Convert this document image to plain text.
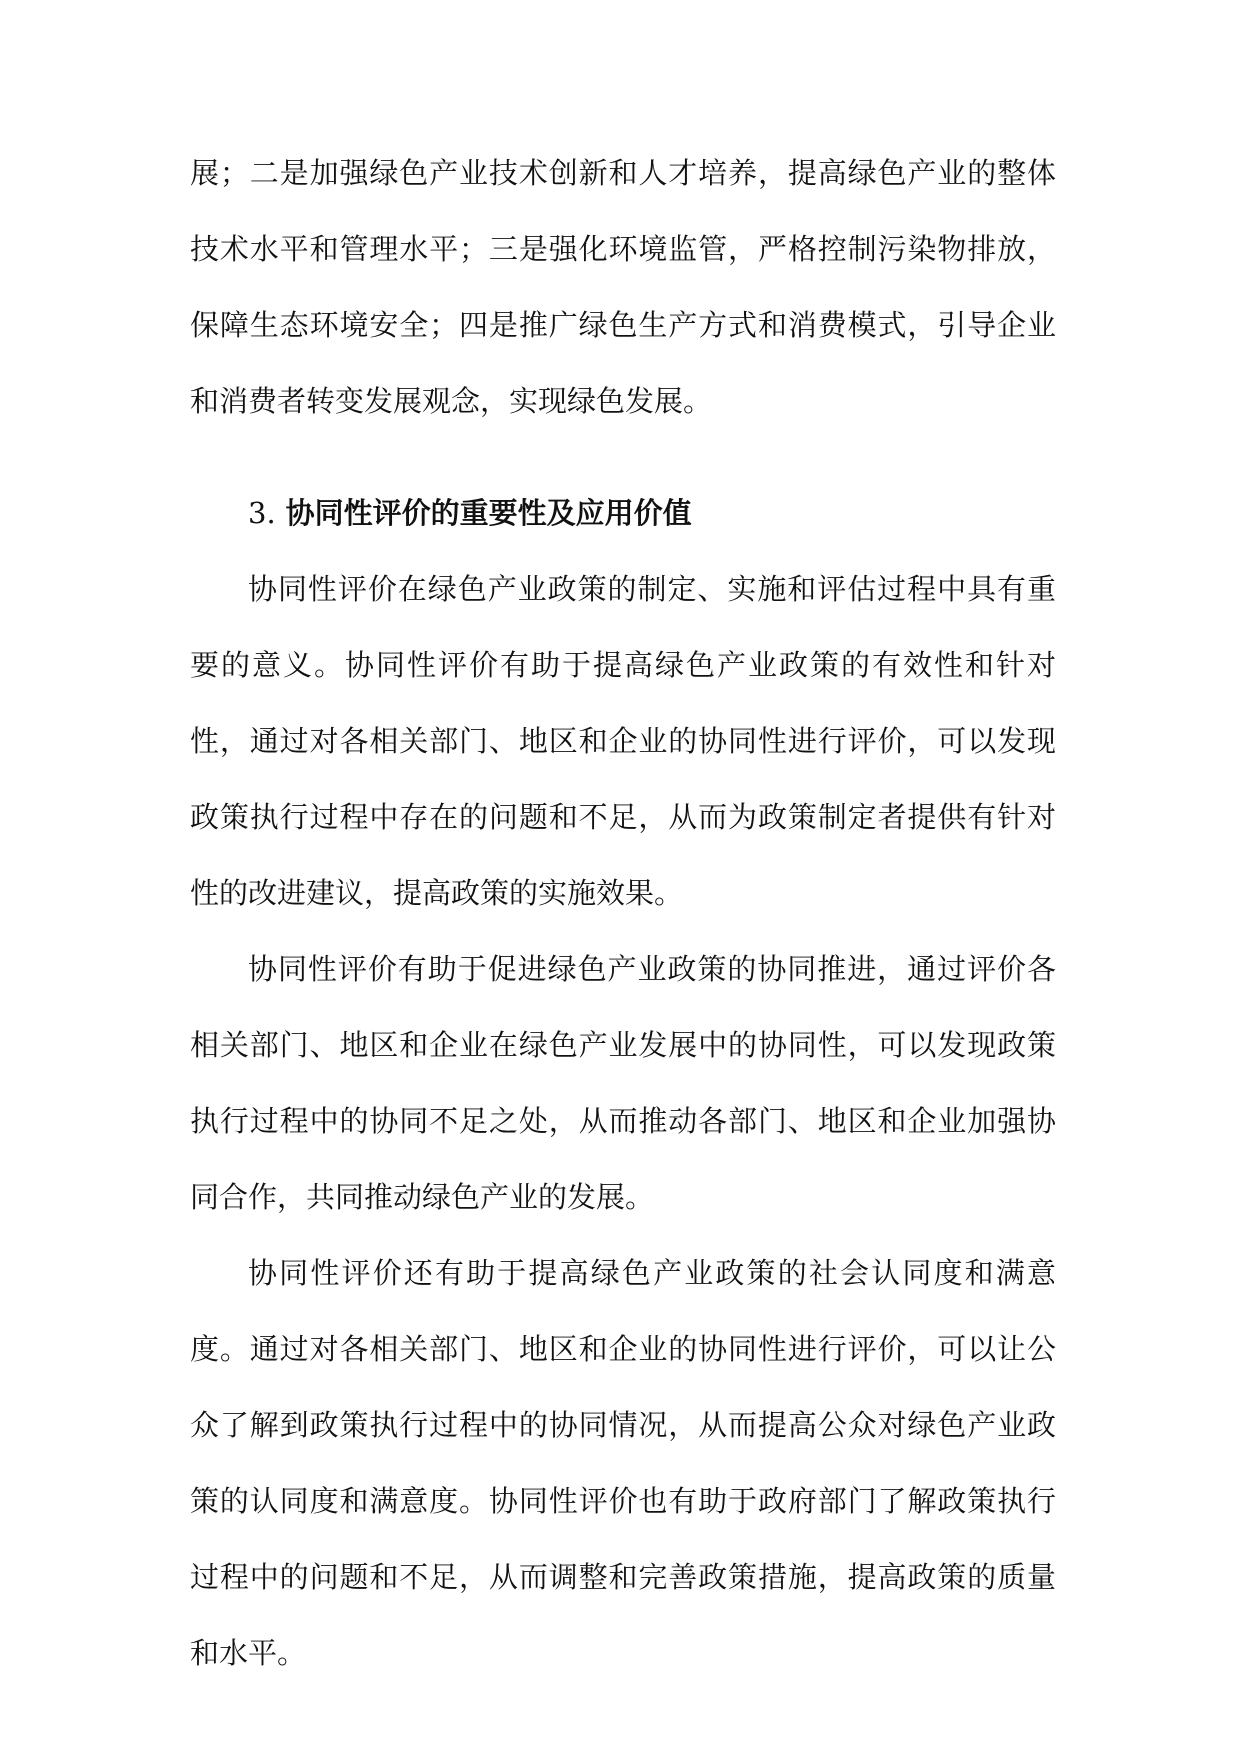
展；二是加强绿色产业技术创新和人才培养，提高绿色产业的整体技术水平和管理水平；三是强化环境监管，严格控制污染物排放，保障生态环境安全；四是推广绿色生产方式和消费模式，引导企业和消费者转变发展观念，实现绿色发展。

3. 协同性评价的重要性及应用价值

协同性评价在绿色产业政策的制定、实施和评估过程中具有重要的意义。协同性评价有助于提高绿色产业政策的有效性和针对性，通过对各相关部门、地区和企业的协同性进行评价，可以发现政策执行过程中存在的问题和不足，从而为政策制定者提供有针对性的改进建议，提高政策的实施效果。

协同性评价有助于促进绿色产业政策的协同推进，通过评价各相关部门、地区和企业在绿色产业发展中的协同性，可以发现政策执行过程中的协同不足之处，从而推动各部门、地区和企业加强协同合作，共同推动绿色产业的发展。

协同性评价还有助于提高绿色产业政策的社会认同度和满意度。通过对各相关部门、地区和企业的协同性进行评价，可以让公众了解到政策执行过程中的协同情况，从而提高公众对绿色产业政策的认同度和满意度。协同性评价也有助于政府部门了解政策执行过程中的问题和不足，从而调整和完善政策措施，提高政策的质量和水平。
